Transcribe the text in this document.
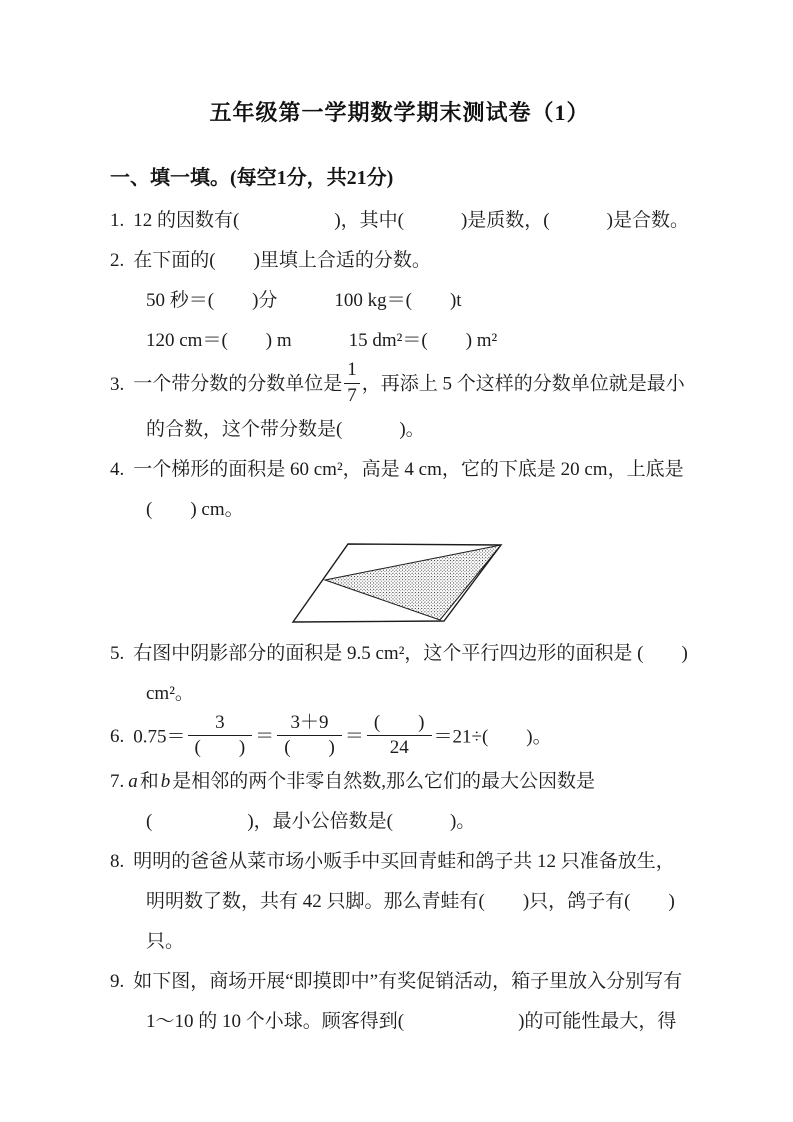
五年级第一学期数学期末测试卷（1）
一、填一填。(每空1分，共21分)

1. 12 的因数有(　　　　　)，其中(　　　)是质数，(　　　)是合数。

2. 在下面的(　　)里填上合适的分数。

50 秒＝(　　)分　　　100 kg＝(　　)t

120 cm＝(　　) m　　　15 dm²＝(　　) m²

3. 一个带分数的分数单位是 $\frac{1}{7}$ ，再添上 5 个这样的分数单位就是最小的合数，这个带分数是(　　　)。

4. 一个梯形的面积是 60 cm²，高是 4 cm，它的下底是 20 cm，上底是(　　) cm。

5. 右图中阴影部分的面积是 9.5 cm²，这个平行四边形的面积是 (　　) cm²。

6. $0.75= \frac{3}{( )} = \frac{3+9}{( )} = \frac{( )}{24} =21\div$(　　)。

7. a 和 b 是相邻的两个非零自然数,那么它们的最大公因数是(　　　　　)，最小公倍数是(　　　)。

8. 明明的爸爸从菜市场小贩手中买回青蛙和鸽子共 12 只准备放生，明明数了数，共有 42 只脚。那么青蛙有(　　)只，鸽子有(　　)只。

9. 如下图，商场开展“即摸即中”有奖促销活动，箱子里放入分别写有 1～10 的 10 个小球。顾客得到(　　　　　　)的可能性最大，得
